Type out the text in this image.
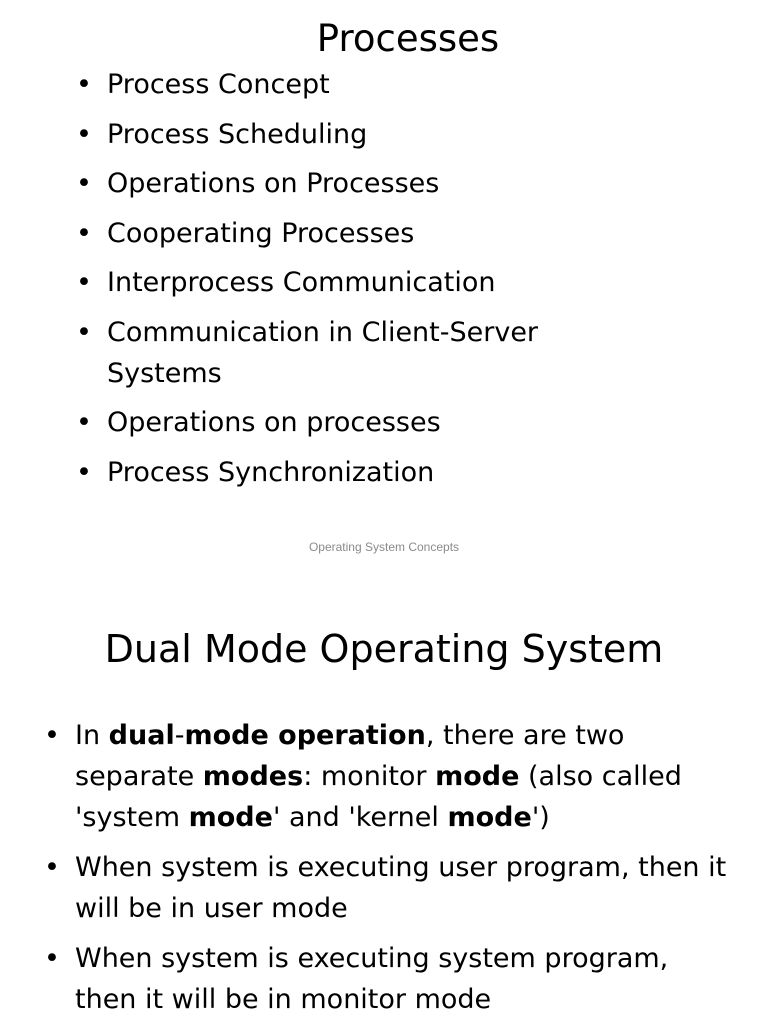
Processes
• Process Concept
• Process Scheduling
• Operations on Processes
• Cooperating Processes
• Interprocess Communication
• Communication in Client-Server Systems
• Operations on processes
• Process Synchronization
Operating System Concepts
Dual Mode Operating System
• In dual-mode operation, there are two separate modes: monitor mode (also called 'system mode' and 'kernel mode')
• When system is executing user program, then it will be in user mode
• When system is executing system program, then it will be in monitor mode
